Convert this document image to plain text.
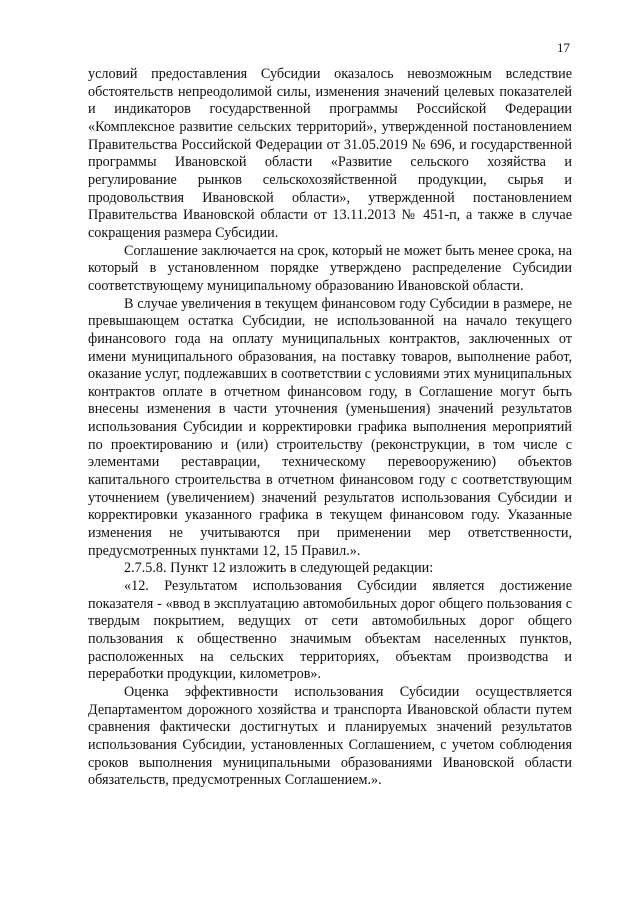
17

условий предоставления Субсидии оказалось невозможным вследствие обстоятельств непреодолимой силы, изменения значений целевых показателей и индикаторов государственной программы Российской Федерации «Комплексное развитие сельских территорий», утвержденной постановлением Правительства Российской Федерации от 31.05.2019 № 696, и государственной программы Ивановской области «Развитие сельского хозяйства и регулирование рынков сельскохозяйственной продукции, сырья и продовольствия Ивановской области», утвержденной постановлением Правительства Ивановской области от 13.11.2013 № 451-п, а также в случае сокращения размера Субсидии.

Соглашение заключается на срок, который не может быть менее срока, на который в установленном порядке утверждено распределение Субсидии соответствующему муниципальному образованию Ивановской области.

В случае увеличения в текущем финансовом году Субсидии в размере, не превышающем остатка Субсидии, не использованной на начало текущего финансового года на оплату муниципальных контрактов, заключенных от имени муниципального образования, на поставку товаров, выполнение работ, оказание услуг, подлежавших в соответствии с условиями этих муниципальных контрактов оплате в отчетном финансовом году, в Соглашение могут быть внесены изменения в части уточнения (уменьшения) значений результатов использования Субсидии и корректировки графика выполнения мероприятий по проектированию и (или) строительству (реконструкции, в том числе с элементами реставрации, техническому перевооружению) объектов капитального строительства в отчетном финансовом году с соответствующим уточнением (увеличением) значений результатов использования Субсидии и корректировки указанного графика в текущем финансовом году. Указанные изменения не учитываются при применении мер ответственности, предусмотренных пунктами 12, 15 Правил.».

2.7.5.8. Пункт 12 изложить в следующей редакции:

«12. Результатом использования Субсидии является достижение показателя - «ввод в эксплуатацию автомобильных дорог общего пользования с твердым покрытием, ведущих от сети автомобильных дорог общего пользования к общественно значимым объектам населенных пунктов, расположенных на сельских территориях, объектам производства и переработки продукции, километров».

Оценка эффективности использования Субсидии осуществляется Департаментом дорожного хозяйства и транспорта Ивановской области путем сравнения фактически достигнутых и планируемых значений результатов использования Субсидии, установленных Соглашением, с учетом соблюдения сроков выполнения муниципальными образованиями Ивановской области обязательств, предусмотренных Соглашением.».
